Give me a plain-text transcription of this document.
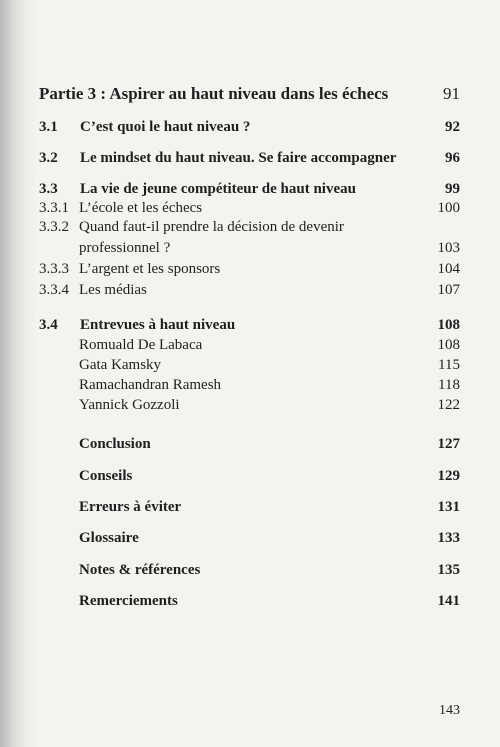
Partie 3 : Aspirer au haut niveau dans les échecs	91
3.1 C’est quoi le haut niveau ?	92
3.2 Le mindset du haut niveau. Se faire accompagner	96
3.3 La vie de jeune compétiteur de haut niveau	99
3.3.1 L’école et les échecs	100
3.3.2 Quand faut-il prendre la décision de devenir
professionnel ?	103
3.3.3 L’argent et les sponsors	104
3.3.4 Les médias	107
3.4 Entrevues à haut niveau	108
Romuald De Labaca	108
Gata Kamsky	115
Ramachandran Ramesh	118
Yannick Gozzoli	122
Conclusion	127
Conseils	129
Erreurs à éviter	131
Glossaire	133
Notes & références	135
Remerciements	141
143
